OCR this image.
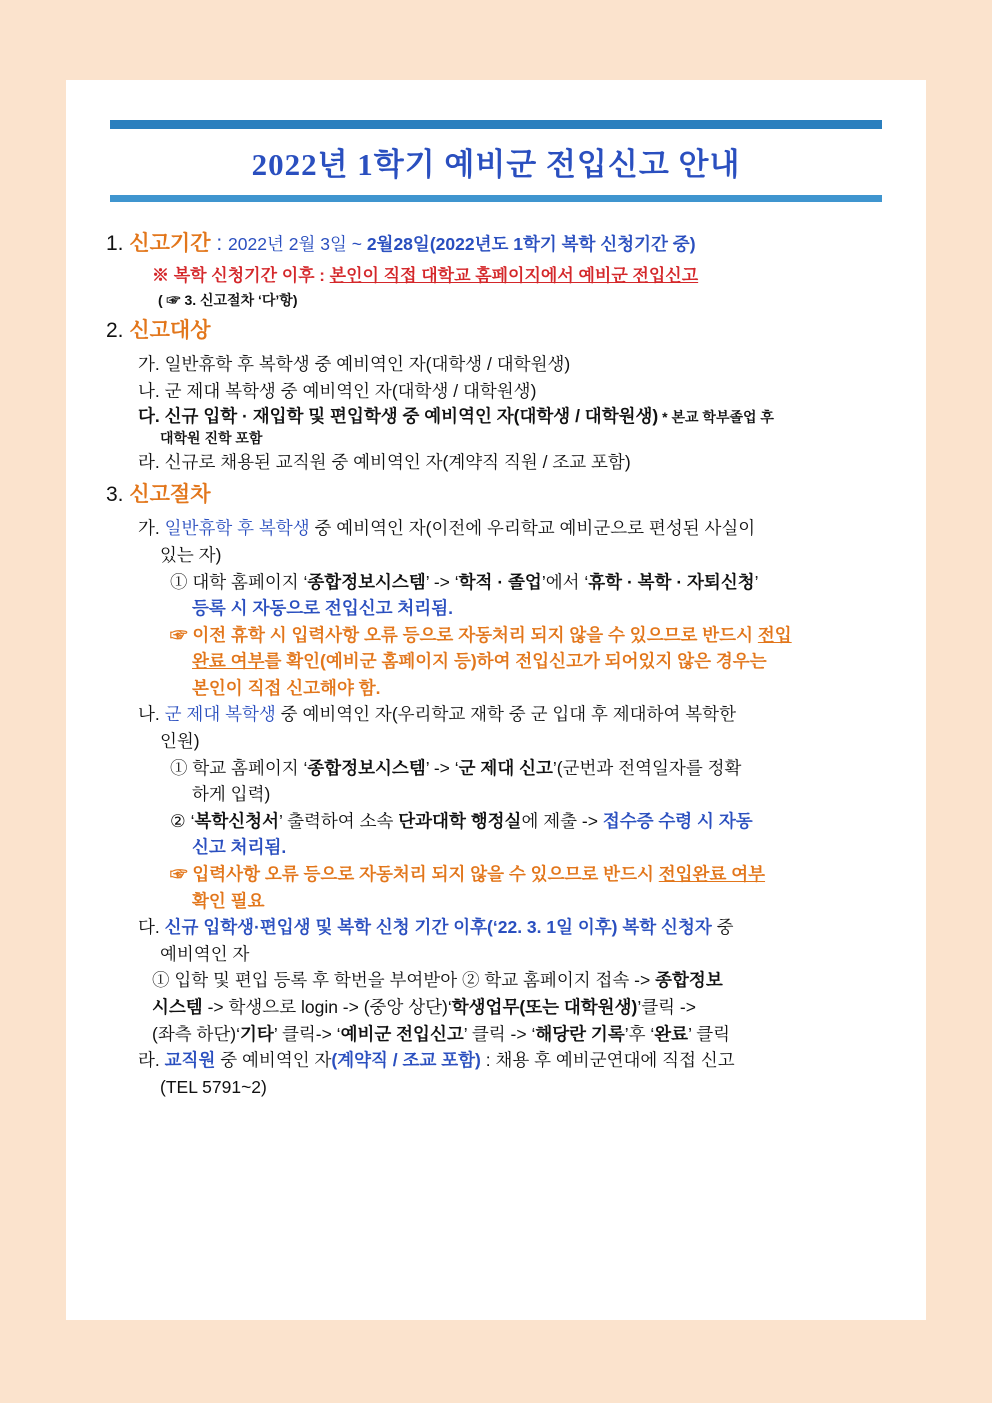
2022년 1학기 예비군 전입신고 안내
1. 신고기간 : 2022년 2월 3일 ~ 2월28일(2022년도 1학기 복학 신청기간 중)
※ 복학 신청기간 이후 : 본인이 직접 대학교 홈페이지에서 예비군 전입신고
( ☞ 3. 신고절차 ‘다’항)
2. 신고대상
가. 일반휴학 후 복학생 중 예비역인 자(대학생 / 대학원생)
나. 군 제대 복학생 중 예비역인 자(대학생 / 대학원생)
다. 신규 입학 · 재입학 및 편입학생 중 예비역인 자(대학생 / 대학원생) * 본교 학부졸업 후
대학원 진학 포함
라. 신규로 채용된 교직원 중 예비역인 자(계약직 직원 / 조교 포함)
3. 신고절차
가. 일반휴학 후 복학생 중 예비역인 자(이전에 우리학교 예비군으로 편성된 사실이
있는 자)
① 대학 홈페이지 ‘종합정보시스템’ -> ‘학적 · 졸업’에서 ‘휴학 · 복학 · 자퇴신청’
등록 시 자동으로 전입신고 처리됨.
☞ 이전 휴학 시 입력사항 오류 등으로 자동처리 되지 않을 수 있으므로 반드시 전입
완료 여부를 확인(예비군 홈페이지 등)하여 전입신고가 되어있지 않은 경우는
본인이 직접 신고해야 함.
나. 군 제대 복학생 중 예비역인 자(우리학교 재학 중 군 입대 후 제대하여 복학한
인원)
① 학교 홈페이지 ‘종합정보시스템’ -> ‘군 제대 신고’(군번과 전역일자를 정확
하게 입력)
② ‘복학신청서’ 출력하여 소속 단과대학 행정실에 제출 -> 접수증 수령 시 자동
신고 처리됨.
☞ 입력사항 오류 등으로 자동처리 되지 않을 수 있으므로 반드시 전입완료 여부
확인 필요
다. 신규 입학생·편입생 및 복학 신청 기간 이후(‘22. 3. 1일 이후) 복학 신청자 중
예비역인 자
① 입학 및 편입 등록 후 학번을 부여받아 ② 학교 홈페이지 접속 -> 종합정보
시스템 -> 학생으로 login -> (중앙 상단)‘학생업무(또는 대학원생)’클릭 ->
(좌측 하단)‘기타’ 클릭-> ‘예비군 전입신고’ 클릭 -> ‘해당란 기록’후 ‘완료’ 클릭
라. 교직원 중 예비역인 자(계약직 / 조교 포함) : 채용 후 예비군연대에 직접 신고
(TEL 5791~2)
